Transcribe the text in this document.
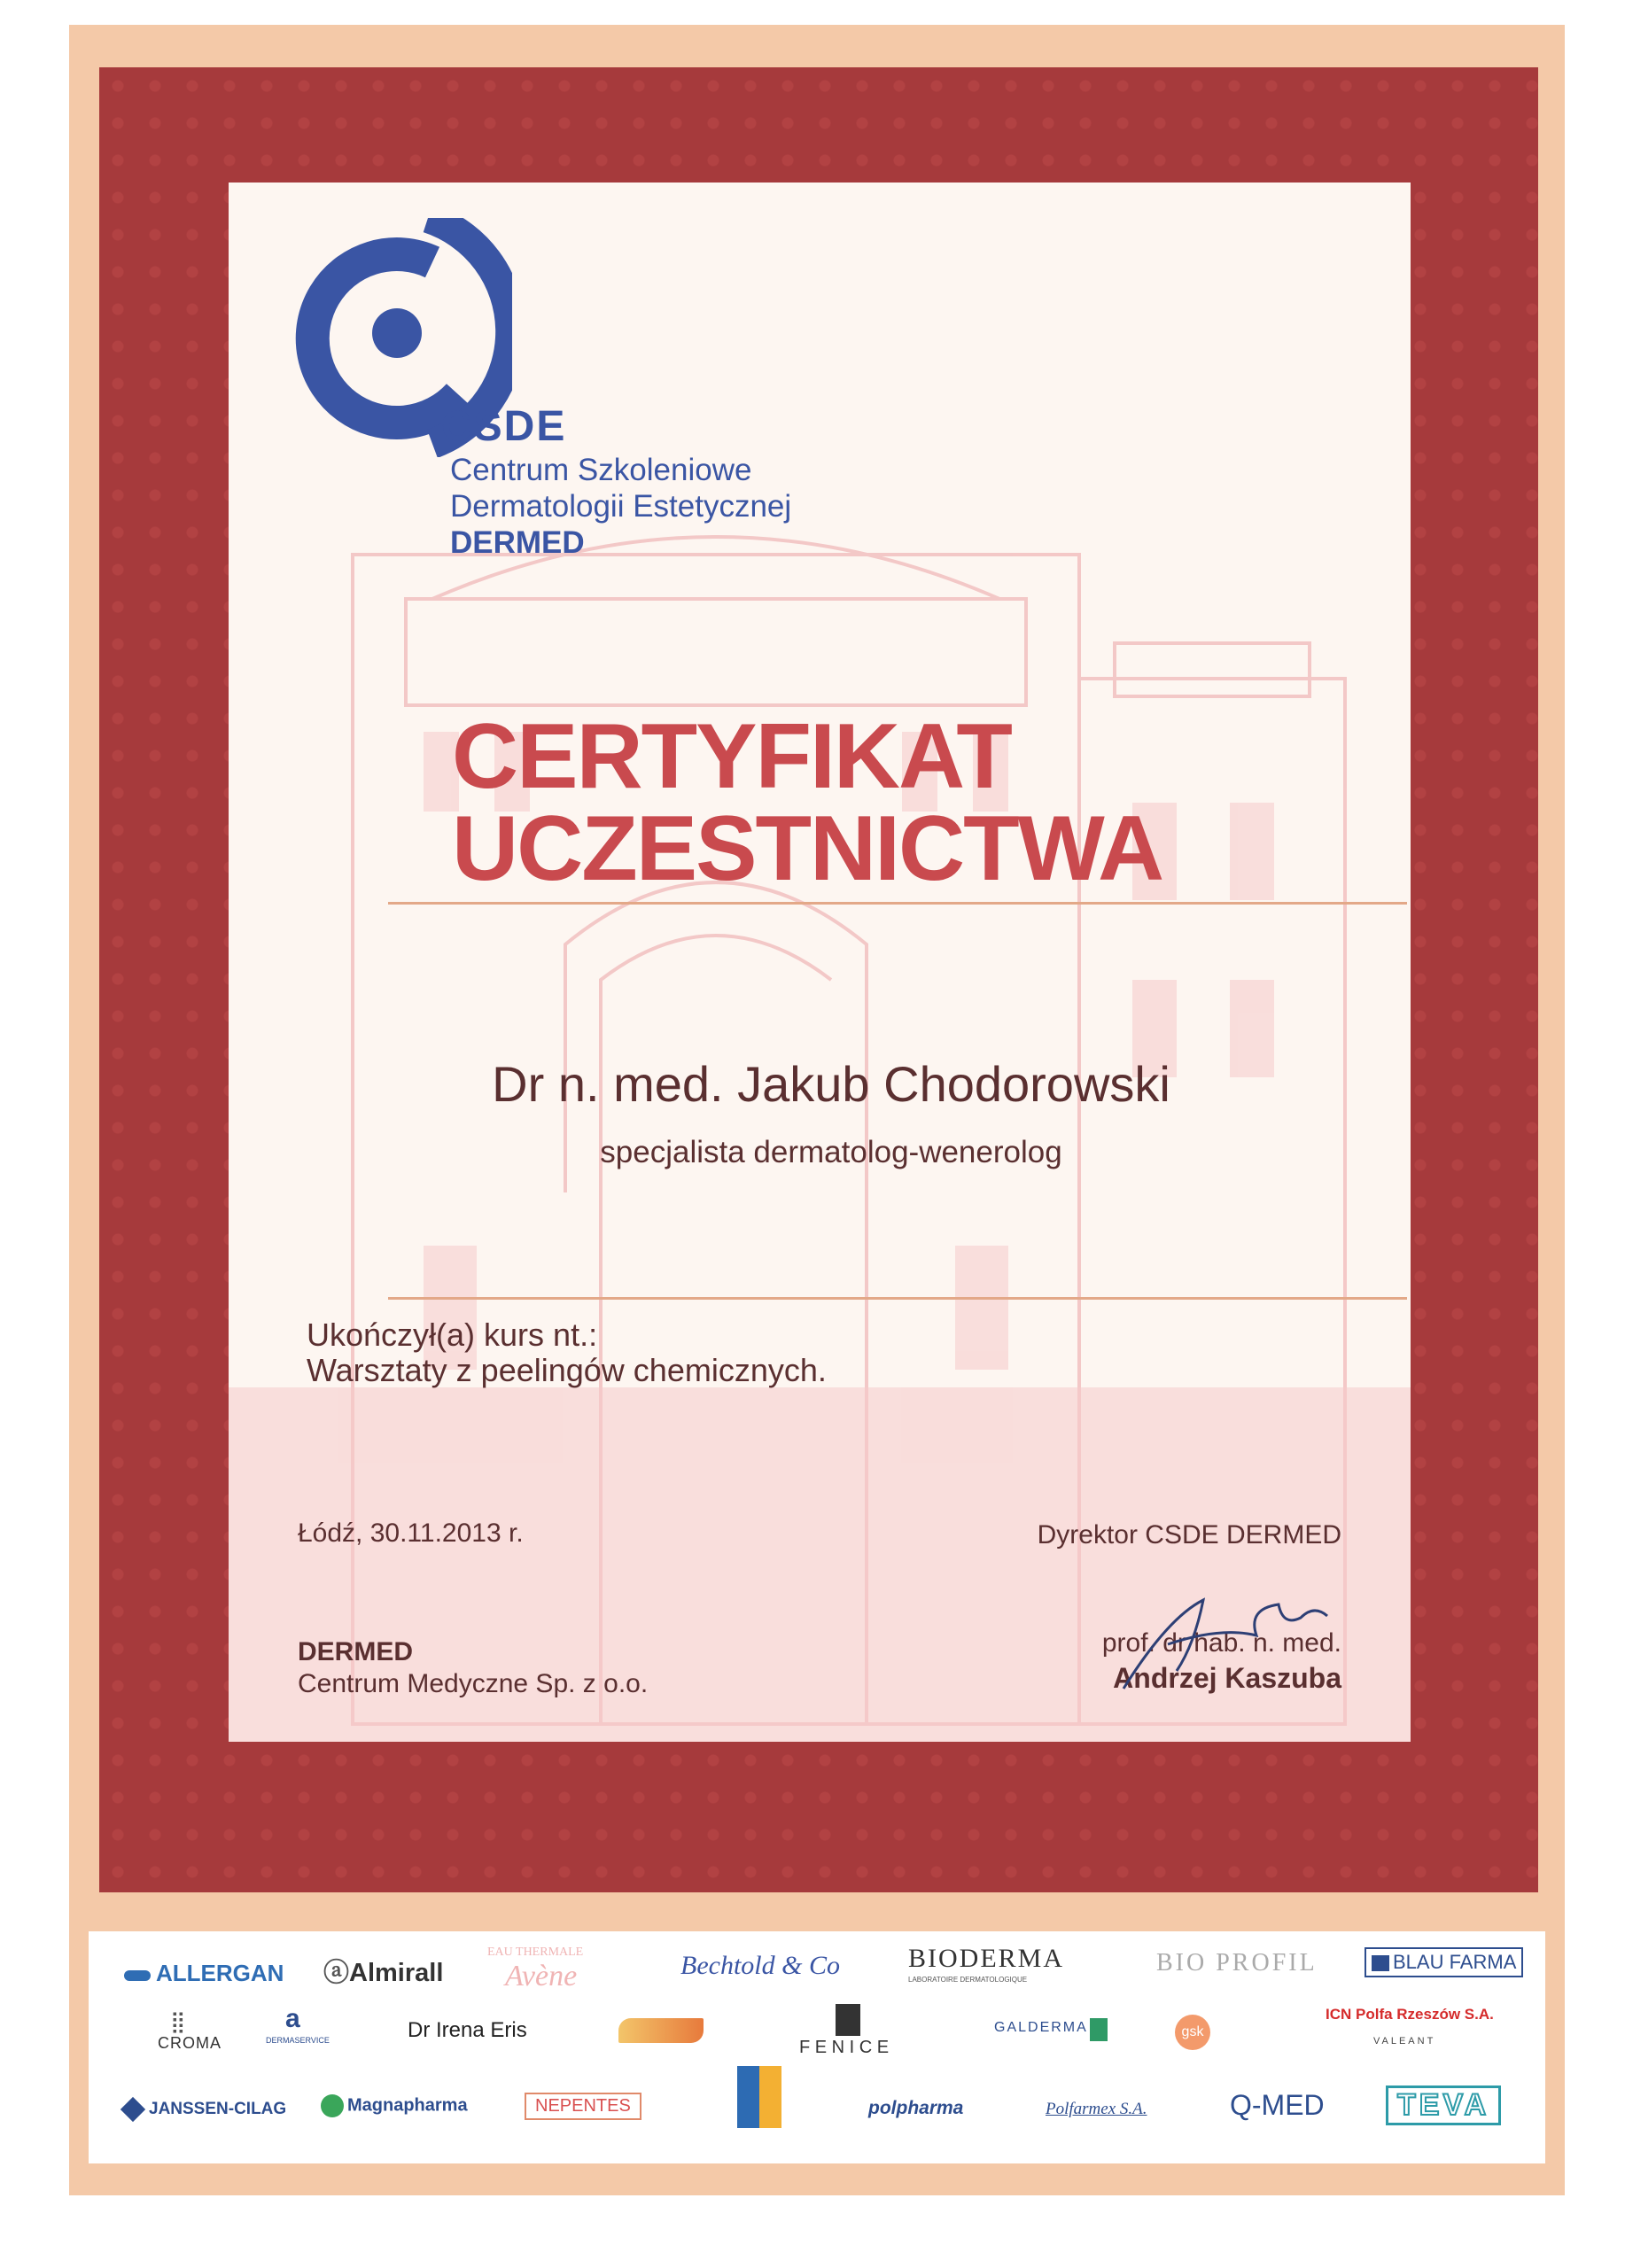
CSDE
Centrum Szkoleniowe
Dermatologii Estetycznej
DERMED
CERTYFIKAT
UCZESTNICTWA
Dr n. med. Jakub Chodorowski
specjalista dermatolog-wenerolog
Ukończył(a) kurs nt.:
Warsztaty z peelingów chemicznych.
Łódź, 30.11.2013 r.
DERMED
Centrum Medyczne Sp. z o.o.
Dyrektor CSDE DERMED
prof. dr hab. n. med.
Andrzej Kaszuba
ALLERGAN ⓐAlmirall
EAU THERMALE
Avène	Bechtold & Co	BIODERMA
LABORATOIRE DERMATOLOGIQUE
BIO PROFIL	BLAU FARMA
⣿
CROMA
a
DERMASERVICE	Dr Irena Eris
F E N I C E
GALDERMA	gsk
ICN Polfa Rzeszów S.A.
VALEANT
JANSSEN-CILAG	Magnapharma	NEPENTES	polpharma	Polfarmex S.A.	Q-MED	TEVA
